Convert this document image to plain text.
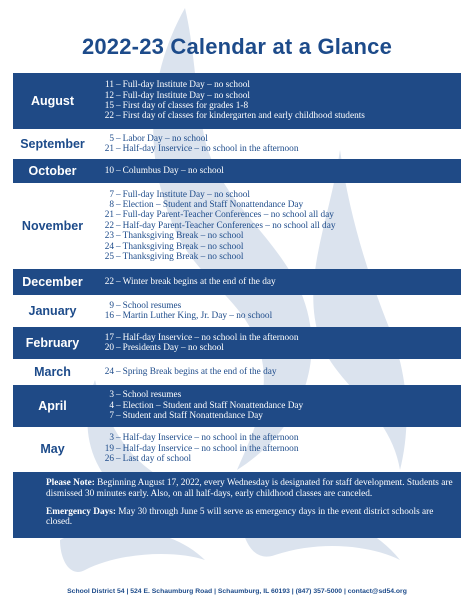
2022-23 Calendar at a Glance
August
11 – Full-day Institute Day – no school
12 – Full-day Institute Day – no school
15 – First day of classes for grades 1-8
22 – First day of classes for kindergarten and early childhood students
September	5 – Labor Day – no school
21 – Half-day Inservice – no school in the afternoon
October	10 – Columbus Day – no school
November
7 – Full-day Institute Day – no school
8 – Election – Student and Staff Nonattendance Day
21 – Full-day Parent-Teacher Conferences – no school all day
22 – Half-day Parent-Teacher Conferences – no school all day
23 – Thanksgiving Break – no school
24 – Thanksgiving Break – no school
25 – Thanksgiving Break – no school
December	22 – Winter break begins at the end of the day
January	9 – School resumes
16 – Martin Luther King, Jr. Day – no school
February	17 – Half-day Inservice – no school in the afternoon
20 – Presidents Day – no school
March	24 – Spring Break begins at the end of the day
April
3 – School resumes
4 – Election – Student and Staff Nonattendance Day
7 – Student and Staff Nonattendance Day
May
3 – Half-day Inservice – no school in the afternoon
19 – Half-day Inservice – no school in the afternoon
26 – Last day of school

Please Note: Beginning August 17, 2022, every Wednesday is designated for staff development. Students are dismissed 30 minutes early. Also, on all half-days, early childhood classes are canceled.

Emergency Days: May 30 through June 5 will serve as emergency days in the event district schools are closed.

School District 54 | 524 E. Schaumburg Road | Schaumburg, IL 60193 | (847) 357-5000 | contact@sd54.org
